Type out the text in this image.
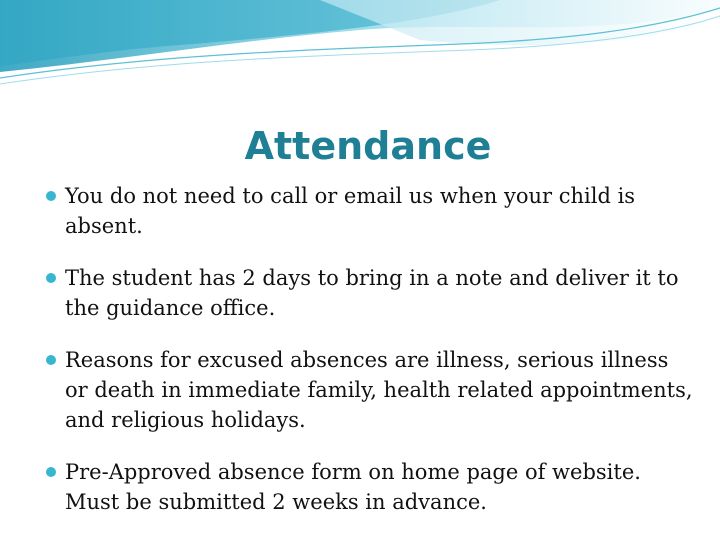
Attendance
You do not need to call or email us when your child is absent.
The student has 2 days to bring in a note and deliver it to the guidance office.
Reasons for excused absences are illness, serious illness or death in immediate family, health related appointments, and religious holidays.
Pre-Approved absence form on home page of website. Must be submitted 2 weeks in advance.
